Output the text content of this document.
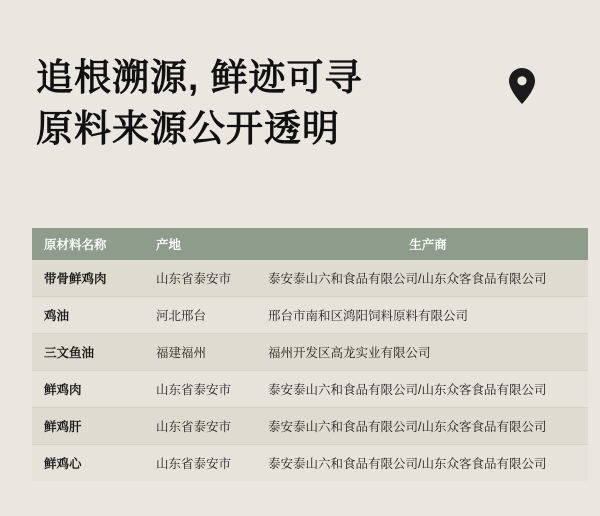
追根溯源, 鲜迹可寻
原料来源公开透明
原材料名称	产地	生产商
带骨鲜鸡肉	山东省泰安市	泰安泰山六和食品有限公司/山东众客食品有限公司
鸡油	河北邢台	邢台市南和区鸿阳饲料原料有限公司
三文鱼油	福建福州	福州开发区高龙实业有限公司
鲜鸡肉	山东省泰安市	泰安泰山六和食品有限公司/山东众客食品有限公司
鲜鸡肝	山东省泰安市	泰安泰山六和食品有限公司/山东众客食品有限公司
鲜鸡心	山东省泰安市	泰安泰山六和食品有限公司/山东众客食品有限公司
